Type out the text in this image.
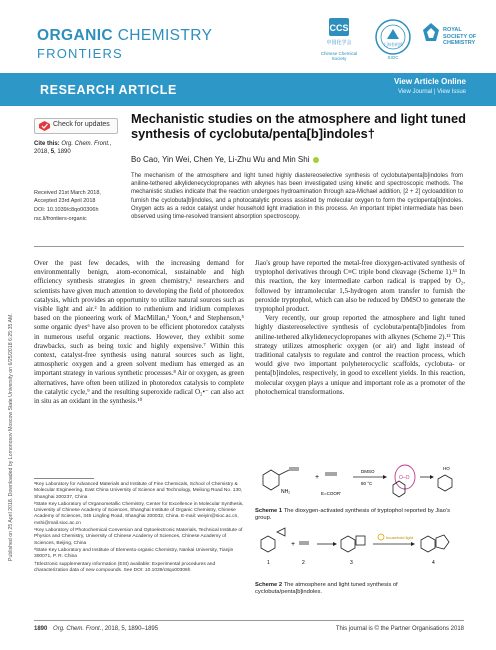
Published on 25 April 2018. Downloaded by Lomonosov Moscow State University on 6/25/2018 6:25:35 AM.
ORGANIC CHEMISTRY
FRONTIERS
CCS
中国化学会
Chinese Chemical Society
上海有机所
SIOC
ROYAL SOCIETY OF CHEMISTRY
RESEARCH ARTICLE
View Article Online
View Journal | View Issue
Check for updates
Cite this: Org. Chem. Front., 2018, 5, 1890
Received 21st March 2018,
Accepted 23rd April 2018
DOI: 10.1039/c8qo00306h
rsc.li/frontiers-organic
Mechanistic studies on the atmosphere and light tuned synthesis of cyclobuta/penta[b]indoles†
Bo Cao, Yin Wei, Chen Ye, Li-Zhu Wu and Min Shi
The mechanism of the atmosphere and light tuned highly diastereoselective synthesis of cyclobuta/penta[b]indoles from aniline-tethered alkylidenecyclopropanes with alkynes has been investigated using kinetic and spectroscopic methods. The mechanistic studies indicate that the reaction undergoes hydroamination through aza-Michael addition, [2 + 2] cycloaddition to furnish the cyclobuta[b]indoles, and a photocatalytic process assisted by molecular oxygen to form the cyclopenta[b]indoles. Oxygen acts as a redox catalyst under household light irradiation in this process. An important triplet intermediate has been observed using time-resolved transient absorption spectroscopy.

Over the past few decades, with the increasing demand for environmentally benign, atom-economical, sustainable and high efficiency synthesis strategies in green chemistry,¹ researchers and scientists have given much attention to developing the field of photoredox catalysis, which provides an opportunity to utilize natural sources such as visible light and air.² In addition to ruthenium and iridium complexes based on the pioneering work of MacMillan,³ Yoon,⁴ and Stephenson,⁵ some organic dyes⁶ have also proven to be efficient photoredox catalysts in numerous useful organic reactions. However, they exhibit some drawbacks, such as being toxic and highly expensive.⁷ Within this context, catalyst-free synthesis using natural sources such as light, atmospheric oxygen and a green solvent medium has emerged as an important strategy in various synthetic processes.⁸ Air or oxygen, as green alternatives, have often been utilized in photoredox catalysis to complete the catalytic cycle,⁹ and the resulting superoxide radical O₂•⁻ can also act in situ as an oxidant in the synthesis.¹⁰

Jiao's group have reported the metal-free dioxygen-activated synthesis of tryptophol derivatives through C≡C triple bond cleavage (Scheme 1).¹¹ In this reaction, the key intermediate carbon radical is trapped by O₂, followed by intramolecular 1,5-hydrogen atom transfer to furnish the peroxide tryptophol, which can also be reduced by DMSO to generate the tryptophol product.

Very recently, our group reported the atmosphere and light tuned highly diastereoselective synthesis of cyclobuta/penta[b]indoles from aniline-tethered alkylidenecyclopropanes with alkynes (Scheme 2).¹² This strategy utilizes atmospheric oxygen (or air) and light instead of traditional catalysts to regulate and control the reaction process, which would give two important polyheterocyclic scaffolds, cyclobuta- or penta[b]indoles, respectively, in good to excellent yields. In this reaction, molecular oxygen plays a unique and important role as a promoter of the photochemical transformations.

ᵃKey Laboratory for Advanced Materials and Institute of Fine Chemicals, School of Chemistry & Molecular Engineering, East China University of Science and Technology, Meilong Road No. 130, Shanghai 200237, China

ᵇState Key Laboratory of Organometallic Chemistry, Center for Excellence in Molecular Synthesis, University of Chinese Academy of Sciences, Shanghai Institute of Organic Chemistry, Chinese Academy of Sciences, 345 Lingling Road, Shanghai 200032, China. E-mail: weiyin@sioc.ac.cn, mshi@mail.sioc.ac.cn

ᶜKey Laboratory of Photochemical Conversion and Optoelectronic Materials, Technical Institute of Physics and Chemistry, University of Chinese Academy of Sciences, Chinese Academy of Sciences, Beijing, China

ᵈState Key Laboratory and Institute of Elemento-organic Chemistry, Nankai University, Tianjin 300071, P. R. China

†Electronic supplementary information (ESI) available: Experimental procedures and characterization data of new compounds. See DOI: 10.1039/c8qo00306h

NH₂
+
E=COOR'
DMSO
80 °C
O–O
HO
Scheme 1 The dioxygen-activated synthesis of tryptophol reported by Jiao's group.
1
+
2	3
household light
4
Scheme 2 The atmosphere and light tuned synthesis of cyclobuta/penta[b]indoles.
1890 Org. Chem. Front., 2018, 5, 1890–1895	This journal is © the Partner Organisations 2018
